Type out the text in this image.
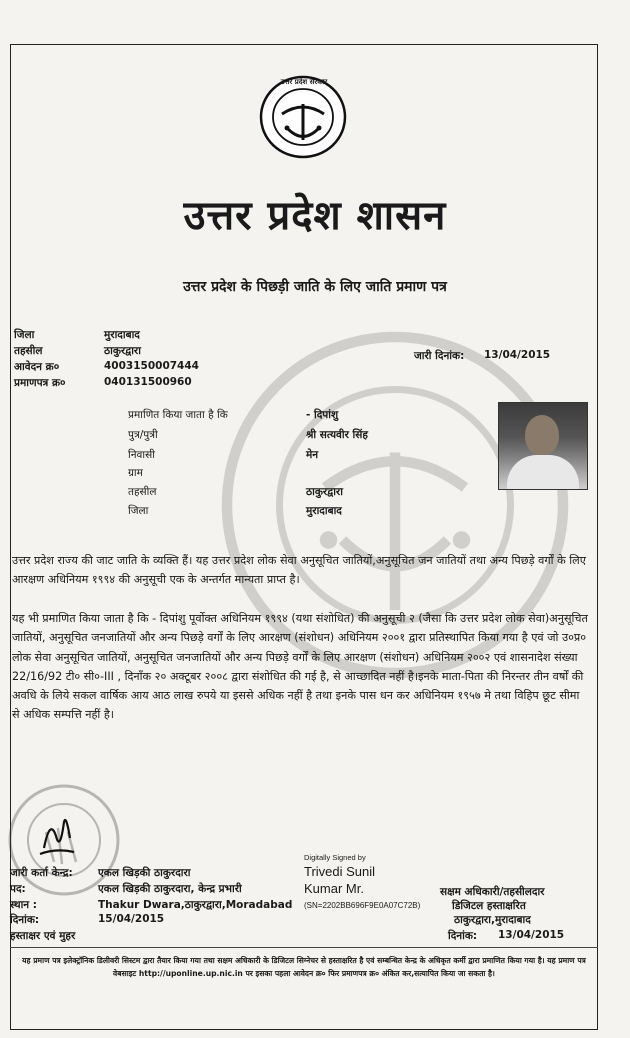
उत्तर प्रदेश सरकार
उत्तर प्रदेश शासन
उत्तर प्रदेश के पिछड़ी जाति के लिए जाति प्रमाण पत्र
जिला	मुरादाबाद
तहसील	ठाकुरद्वारा
आवेदन क्र०	4003150007444
प्रमाणपत्र क्र०	040131500960
जारी दिनांक: 13/04/2015
प्रमाणित किया जाता है कि	- दिपांशु
पुत्र/पुत्री	श्री सत्यवीर सिंह
निवासी	मेन
ग्राम
तहसील	ठाकुरद्वारा
जिला	मुरादाबाद
उत्तर प्रदेश राज्य की जाट जाति के व्यक्ति हैं। यह उत्तर प्रदेश लोक सेवा अनुसूचित जातियों,अनुसूचित जन जातियों तथा अन्य पिछड़े वर्गों के लिए आरक्षण अधिनियम १९९४ की अनुसूची एक के अन्तर्गत मान्यता प्राप्त है।
यह भी प्रमाणित किया जाता है कि - दिपांशु पूर्वोक्त अधिनियम १९९४ (यथा संशोधित) की अनुसूची २ (जैसा कि उत्तर प्रदेश लोक सेवा)अनुसूचित जातियों, अनुसूचित जनजातियों और अन्य पिछड़े वर्गों के लिए आरक्षण (संशोधन) अधिनियम २००१ द्वारा प्रतिस्थापित किया गया है एवं जो उ०प्र० लोक सेवा अनुसूचित जातियों, अनुसूचित जनजातियों और अन्य पिछड़े वर्गों के लिए आरक्षण (संशोधन) अधिनियम २००२ एवं शासनादेश संख्या 22/16/92 टी० सी०-III , दिनाँक २० अक्टूबर २००८ द्वारा संशोधित की गई है, से आच्छादित नहीं है।इनके माता-पिता की निरन्तर तीन वर्षों की अवधि के लिये सकल वार्षिक आय आठ लाख रुपये या इससे अधिक नहीं है तथा इनके पास धन कर अधिनियम १९५७ मे तथा विहिप छूट सीमा से अधिक सम्पत्ति नहीं है।
Digitally Signed by
Trivedi Sunil
Kumar Mr.
(SN=2202BB696F9E0A07C72B)
जारी कर्ता केन्द्र: एकल खिड़की ठाकुरदारा
पद:	एकल खिड़की ठाकुरदारा, केन्द्र प्रभारी
स्थान :	Thakur Dwara,ठाकुरद्वारा,Moradabad
दिनांक:	15/04/2015
हस्ताक्षर एवं मुहर
सक्षम अधिकारी/तहसीलदार
डिजिटल हस्ताक्षरित
ठाकुरद्वारा,मुरादाबाद
दिनांक: 13/04/2015
यह प्रमाण पत्र इलेक्ट्रॉनिक डिलीवरी सिस्टम द्वारा तैयार किया गया तथा सक्षम अधिकारी के डिजिटल सिग्नेचर से हस्ताक्षरित है एवं सम्बन्धित केन्द्र के अधिकृत कर्मी द्वारा प्रमाणित किया गया है। यह प्रमाण पत्र वेबसाइट http://uponline.up.nic.in पर इसका पहला आवेदन क्र० फिर प्रमाणपत्र क्र० अंकित कर,सत्यापित किया जा सकता है।
